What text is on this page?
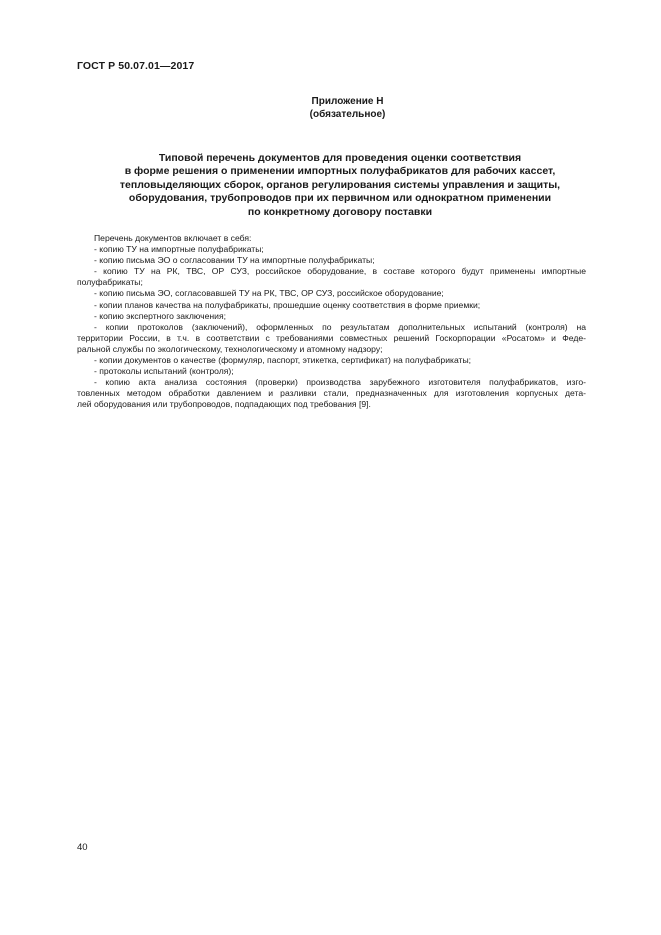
ГОСТ Р 50.07.01—2017
Приложение Н
(обязательное)
Типовой перечень документов для проведения оценки соответствия
в форме решения о применении импортных полуфабрикатов для рабочих кассет,
тепловыделяющих сборок, органов регулирования системы управления и защиты,
оборудования, трубопроводов при их первичном или однократном применении
по конкретному договору поставки
Перечень документов включает в себя:
- копию ТУ на импортные полуфабрикаты;
- копию письма ЭО о согласовании ТУ на импортные полуфабрикаты;
- копию ТУ на РК, ТВС, ОР СУЗ, российское оборудование, в составе которого будут применены импортные
полуфабрикаты;
- копию письма ЭО, согласовавшей ТУ на РК, ТВС, ОР СУЗ, российское оборудование;
- копии планов качества на полуфабрикаты, прошедшие оценку соответствия в форме приемки;
- копию экспертного заключения;
- копии протоколов (заключений), оформленных по результатам дополнительных испытаний (контроля) на
территории России, в т.ч. в соответствии с требованиями совместных решений Госкорпорации «Росатом» и Феде-
ральной службы по экологическому, технологическому и атомному надзору;
- копии документов о качестве (формуляр, паспорт, этикетка, сертификат) на полуфабрикаты;
- протоколы испытаний (контроля);
- копию акта анализа состояния (проверки) производства зарубежного изготовителя полуфабрикатов, изго-
товленных методом обработки давлением и разливки стали, предназначенных для изготовления корпусных дета-
лей оборудования или трубопроводов, подпадающих под требования [9].
40
